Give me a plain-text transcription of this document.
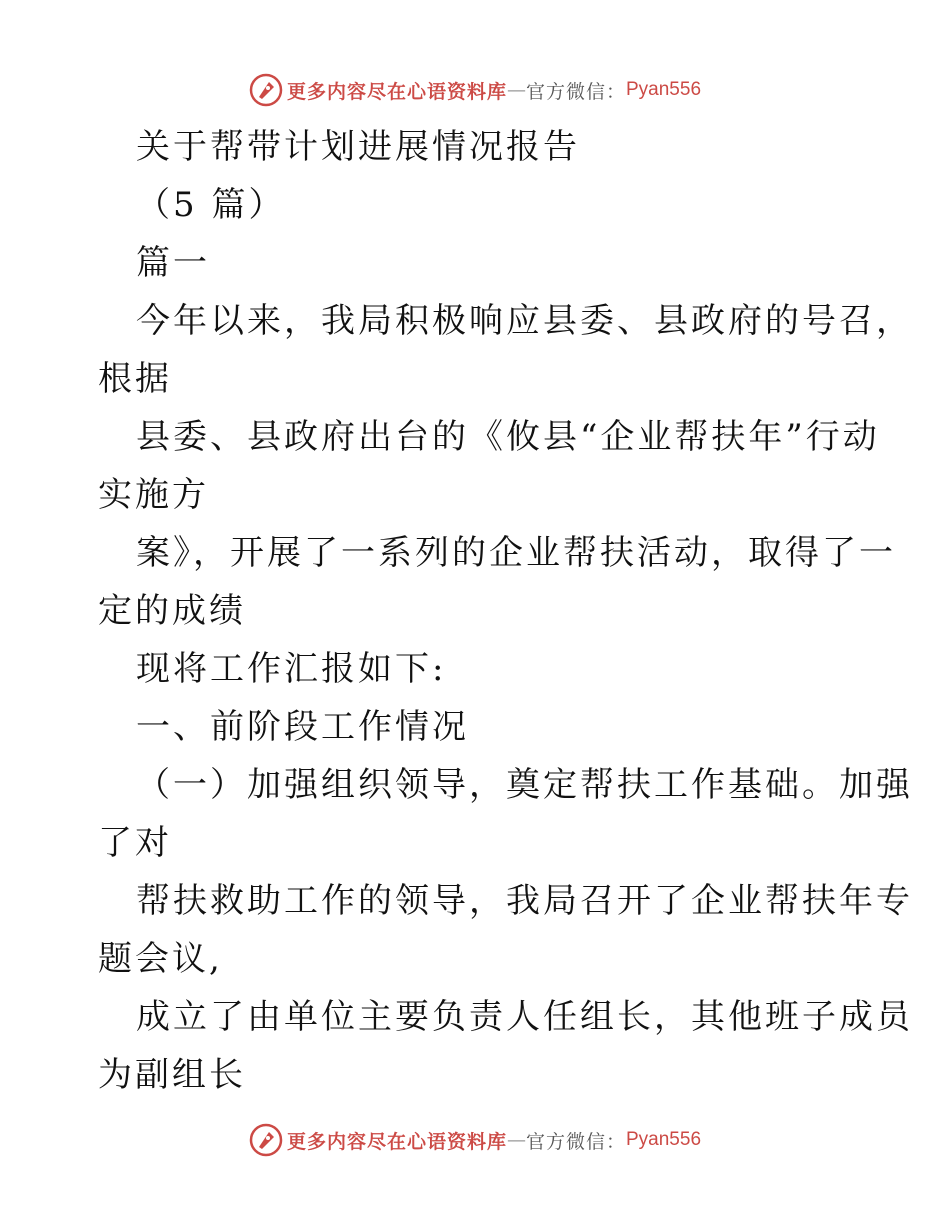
更多内容尽在心语资料库 — 官方微信： Pyan556
关于帮带计划进展情况报告
（5 篇）
篇一
今年以来，我局积极响应县委、县政府的号召，
根据
县委、县政府出台的《攸县“企业帮扶年”行动
实施方
案》，开展了一系列的企业帮扶活动，取得了一
定的成绩
现将工作汇报如下:
一、前阶段工作情况
（一）加强组织领导，奠定帮扶工作基础。加强
了对
帮扶救助工作的领导，我局召开了企业帮扶年专
题会议,
成立了由单位主要负责人任组长，其他班子成员
为副组长
更多内容尽在心语资料库 — 官方微信： Pyan556
